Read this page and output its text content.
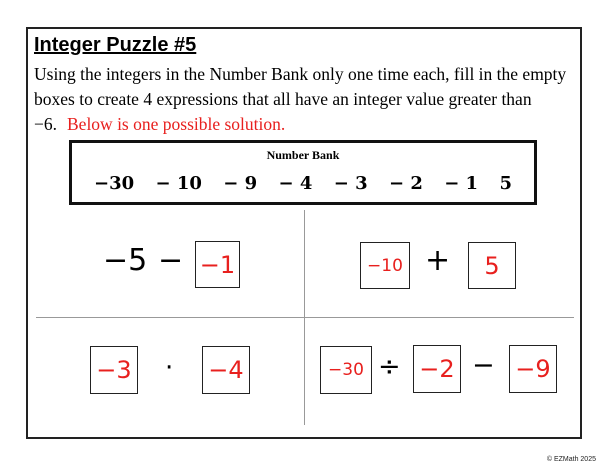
Integer Puzzle #5
Using the integers in the Number Bank only one time each, fill in the empty boxes to create 4 expressions that all have an integer value greater than −6. Below is one possible solution.
Number Bank
−30 − 10 − 9 − 4 − 3 − 2 − 1 5
−5 − −1	−10 + 5
−3 · −4	−30 ÷ −2 − −9
© EZMath 2025
